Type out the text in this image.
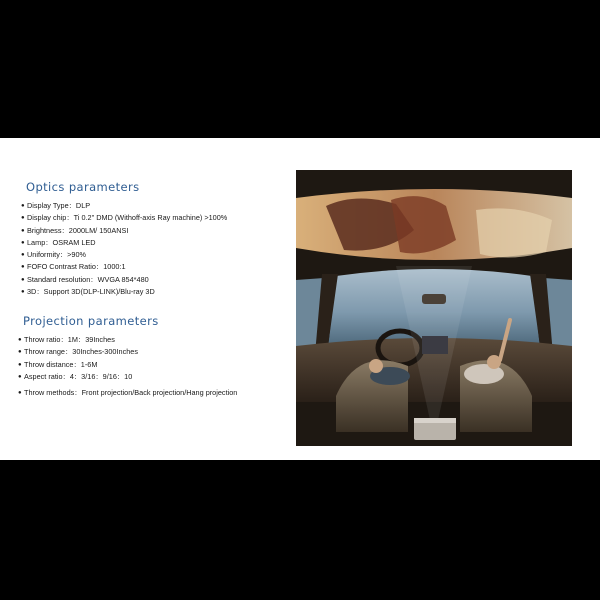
Optics parameters
● Display Type：DLP
● Display chip：Ti 0.2" DMD (Withoff-axis Ray machine) >100%
● Brightness：2000LM/ 150ANSI
● Lamp：OSRAM LED
● Uniformity：>90%
● FOFO Contrast Ratio：1000:1
● Standard resolution：WVGA 854*480
● 3D：Support 3D(DLP-LINK)/Blu-ray 3D
Projection parameters
● Throw ratio：1M：39Inches
● Throw range：30Inches-300Inches
● Throw distance：1-6M
● Aspect ratio：4：3/16：9/16：10
● Throw methods：Front projection/Back projection/Hang projection
